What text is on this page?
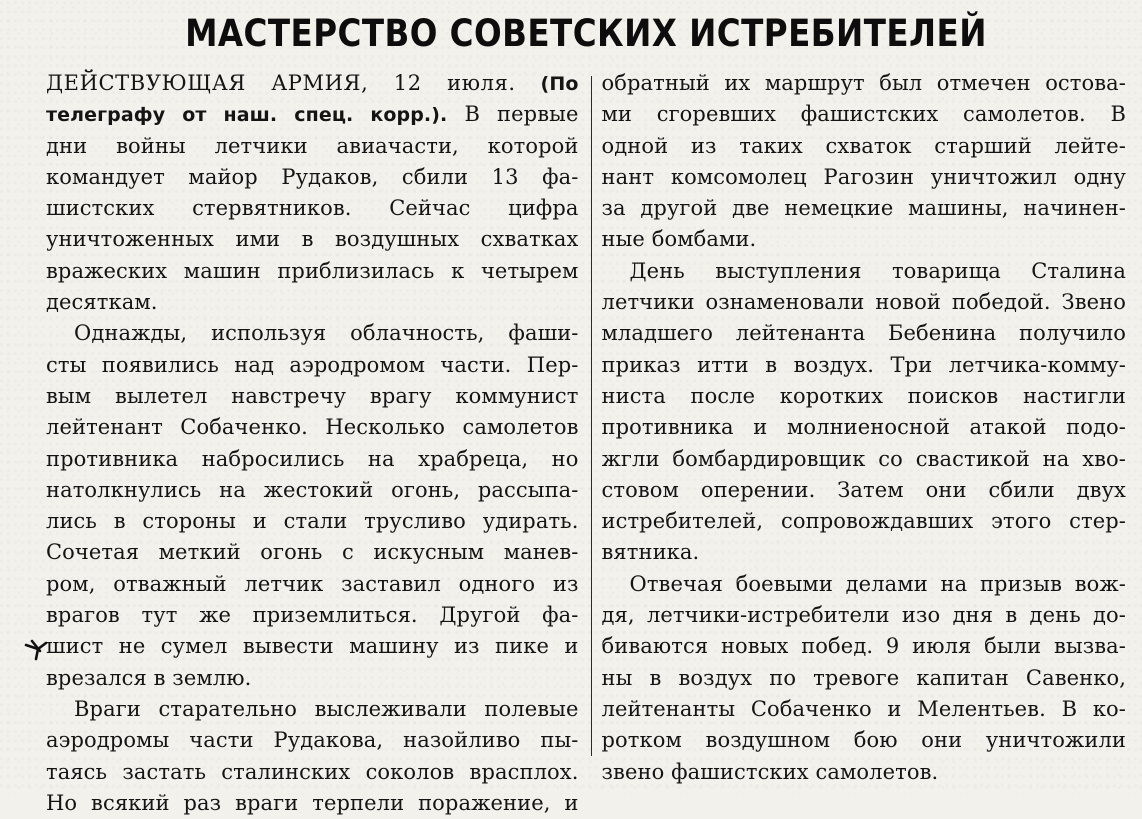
МАСТЕРСТВО СОВЕТСКИХ ИСТРЕБИТЕЛЕЙ
ДЕЙСТВУЮЩАЯ АРМИЯ, 12 июля. (По
телеграфу от наш. спец. корр.). В первые
дни войны летчики авиачасти, которой
командует майор Рудаков, сбили 13 фа-
шистских стервятников. Сейчас цифра
уничтоженных ими в воздушных схватках
вражеских машин приблизилась к четырем
десяткам.
Однажды, используя облачность, фаши-
сты появились над аэродромом части. Пер-
вым вылетел навстречу врагу коммунист
лейтенант Собаченко. Несколько самолетов
противника набросились на храбреца, но
натолкнулись на жестокий огонь, рассыпа-
лись в стороны и стали трусливо удирать.
Сочетая меткий огонь с искусным манев-
ром, отважный летчик заставил одного из
врагов тут же приземлиться. Другой фа-
шист не сумел вывести машину из пике и
врезался в землю.
Враги старательно выслеживали полевые
аэродромы части Рудакова, назойливо пы-
таясь застать сталинских соколов врасплох.
Но всякий раз враги терпели поражение, и
обратный их маршрут был отмечен остова-
ми сгоревших фашистских самолетов. В
одной из таких схваток старший лейте-
нант комсомолец Рагозин уничтожил одну
за другой две немецкие машины, начинен-
ные бомбами.
День выступления товарища Сталина
летчики ознаменовали новой победой. Звено
младшего лейтенанта Бебенина получило
приказ итти в воздух. Три летчика-комму-
ниста после коротких поисков настигли
противника и молниеносной атакой подо-
жгли бомбардировщик со свастикой на хво-
стовом оперении. Затем они сбили двух
истребителей, сопровождавших этого стер-
вятника.
Отвечая боевыми делами на призыв вож-
дя, летчики-истребители изо дня в день до-
биваются новых побед. 9 июля были вызва-
ны в воздух по тревоге капитан Савенко,
лейтенанты Собаченко и Мелентьев. В ко-
ротком воздушном бою они уничтожили
звено фашистских самолетов.
